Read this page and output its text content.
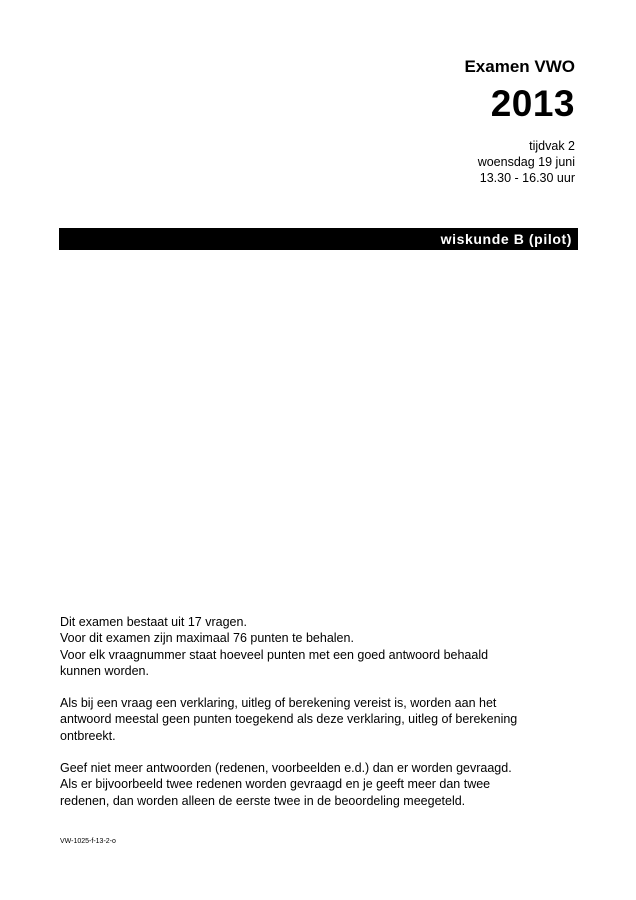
Examen VWO
2013
tijdvak 2
woensdag 19 juni
13.30 - 16.30 uur
wiskunde B (pilot)

Dit examen bestaat uit 17 vragen.
Voor dit examen zijn maximaal 76 punten te behalen.
Voor elk vraagnummer staat hoeveel punten met een goed antwoord behaald
kunnen worden.

Als bij een vraag een verklaring, uitleg of berekening vereist is, worden aan het
antwoord meestal geen punten toegekend als deze verklaring, uitleg of berekening
ontbreekt.

Geef niet meer antwoorden (redenen, voorbeelden e.d.) dan er worden gevraagd.
Als er bijvoorbeeld twee redenen worden gevraagd en je geeft meer dan twee
redenen, dan worden alleen de eerste twee in de beoordeling meegeteld.

VW-1025-f-13-2-o
